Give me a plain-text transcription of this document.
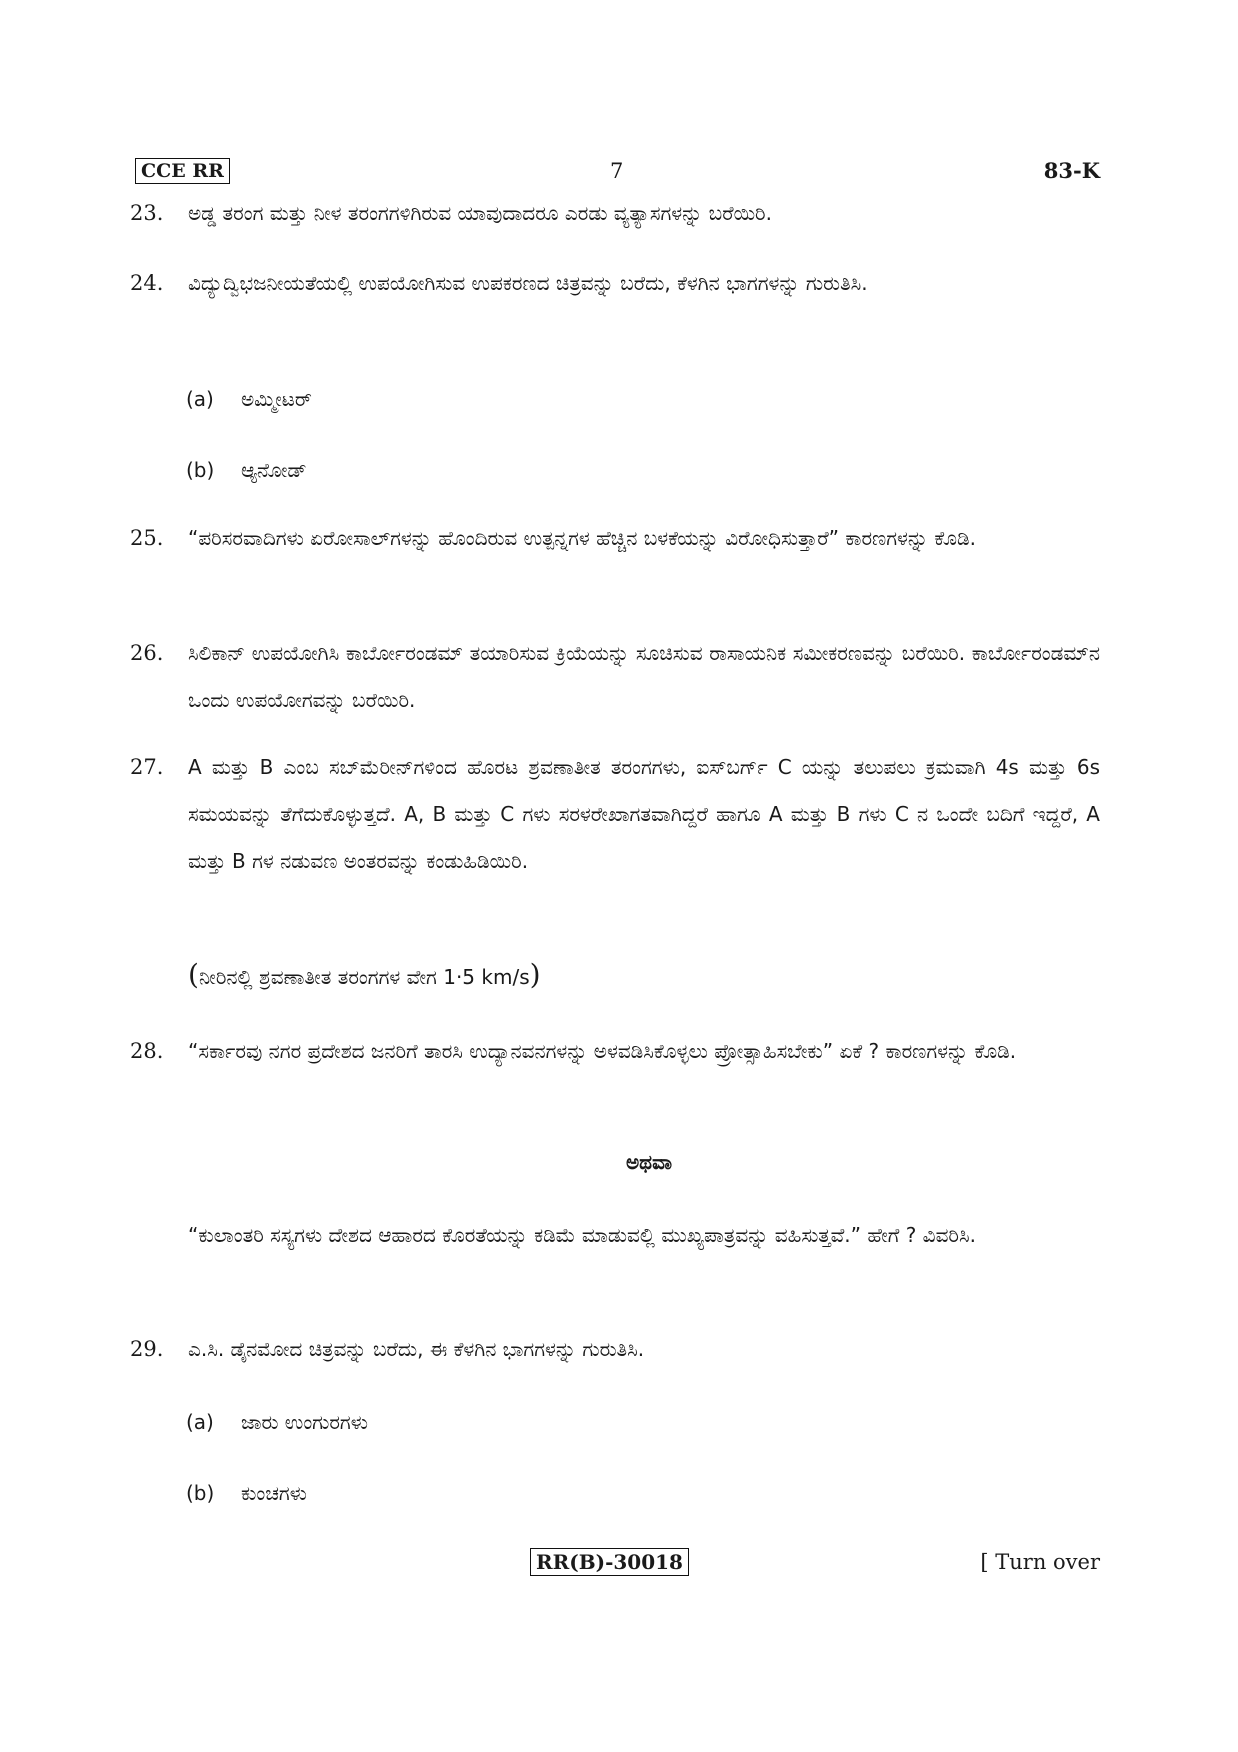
CCE RR	7	83-K
23. ಅಡ್ಡ ತರಂಗ ಮತ್ತು ನೀಳ ತರಂಗಗಳಿಗಿರುವ ಯಾವುದಾದರೂ ಎರಡು ವ್ಯತ್ಯಾಸಗಳನ್ನು ಬರೆಯಿರಿ.
24. ವಿದ್ಯುದ್ವಿಭಜನೀಯತೆಯಲ್ಲಿ ಉಪಯೋಗಿಸುವ ಉಪಕರಣದ ಚಿತ್ರವನ್ನು ಬರೆದು, ಕೆಳಗಿನ ಭಾಗಗಳನ್ನು ಗುರುತಿಸಿ.
(a) ಅಮ್ಮೀಟರ್
(b) ಆ್ಯನೋಡ್
25. “ಪರಿಸರವಾದಿಗಳು ಏರೋಸಾಲ್‌ಗಳನ್ನು ಹೊಂದಿರುವ ಉತ್ಪನ್ನಗಳ ಹೆಚ್ಚಿನ ಬಳಕೆಯನ್ನು ವಿರೋಧಿಸುತ್ತಾರೆ” ಕಾರಣಗಳನ್ನು ಕೊಡಿ.
26. ಸಿಲಿಕಾನ್ ಉಪಯೋಗಿಸಿ ಕಾರ್ಬೋರಂಡಮ್ ತಯಾರಿಸುವ ಕ್ರಿಯೆಯನ್ನು ಸೂಚಿಸುವ ರಾಸಾಯನಿಕ ಸಮೀಕರಣವನ್ನು ಬರೆಯಿರಿ. ಕಾರ್ಬೋರಂಡಮ್‌ನ ಒಂದು ಉಪಯೋಗವನ್ನು ಬರೆಯಿರಿ.
27. A ಮತ್ತು B ಎಂಬ ಸಬ್‌ಮೆರೀನ್‌ಗಳಿಂದ ಹೊರಟ ಶ್ರವಣಾತೀತ ತರಂಗಗಳು, ಐಸ್‌ಬರ್ಗ್ C ಯನ್ನು ತಲುಪಲು ಕ್ರಮವಾಗಿ 4s ಮತ್ತು 6s ಸಮಯವನ್ನು ತೆಗೆದುಕೊಳ್ಳುತ್ತದೆ. A, B ಮತ್ತು C ಗಳು ಸರಳರೇಖಾಗತವಾಗಿದ್ದರೆ ಹಾಗೂ A ಮತ್ತು B ಗಳು C ನ ಒಂದೇ ಬದಿಗೆ ಇದ್ದರೆ, A ಮತ್ತು B ಗಳ ನಡುವಣ ಅಂತರವನ್ನು ಕಂಡುಹಿಡಿಯಿರಿ.
(ನೀರಿನಲ್ಲಿ ಶ್ರವಣಾತೀತ ತರಂಗಗಳ ವೇಗ 1·5 km/s)
28. “ಸರ್ಕಾರವು ನಗರ ಪ್ರದೇಶದ ಜನರಿಗೆ ತಾರಸಿ ಉದ್ಯಾನವನಗಳನ್ನು ಅಳವಡಿಸಿಕೊಳ್ಳಲು ಪ್ರೋತ್ಸಾಹಿಸಬೇಕು” ಏಕೆ ? ಕಾರಣಗಳನ್ನು ಕೊಡಿ.
ಅಥವಾ
“ಕುಲಾಂತರಿ ಸಸ್ಯಗಳು ದೇಶದ ಆಹಾರದ ಕೊರತೆಯನ್ನು ಕಡಿಮೆ ಮಾಡುವಲ್ಲಿ ಮುಖ್ಯಪಾತ್ರವನ್ನು ವಹಿಸುತ್ತವೆ.” ಹೇಗೆ ? ವಿವರಿಸಿ.
29. ಎ.ಸಿ. ಡೈನಮೋದ ಚಿತ್ರವನ್ನು ಬರೆದು, ಈ ಕೆಳಗಿನ ಭಾಗಗಳನ್ನು ಗುರುತಿಸಿ.
(a) ಜಾರು ಉಂಗುರಗಳು
(b) ಕುಂಚಗಳು
RR(B)-30018	[ Turn over
